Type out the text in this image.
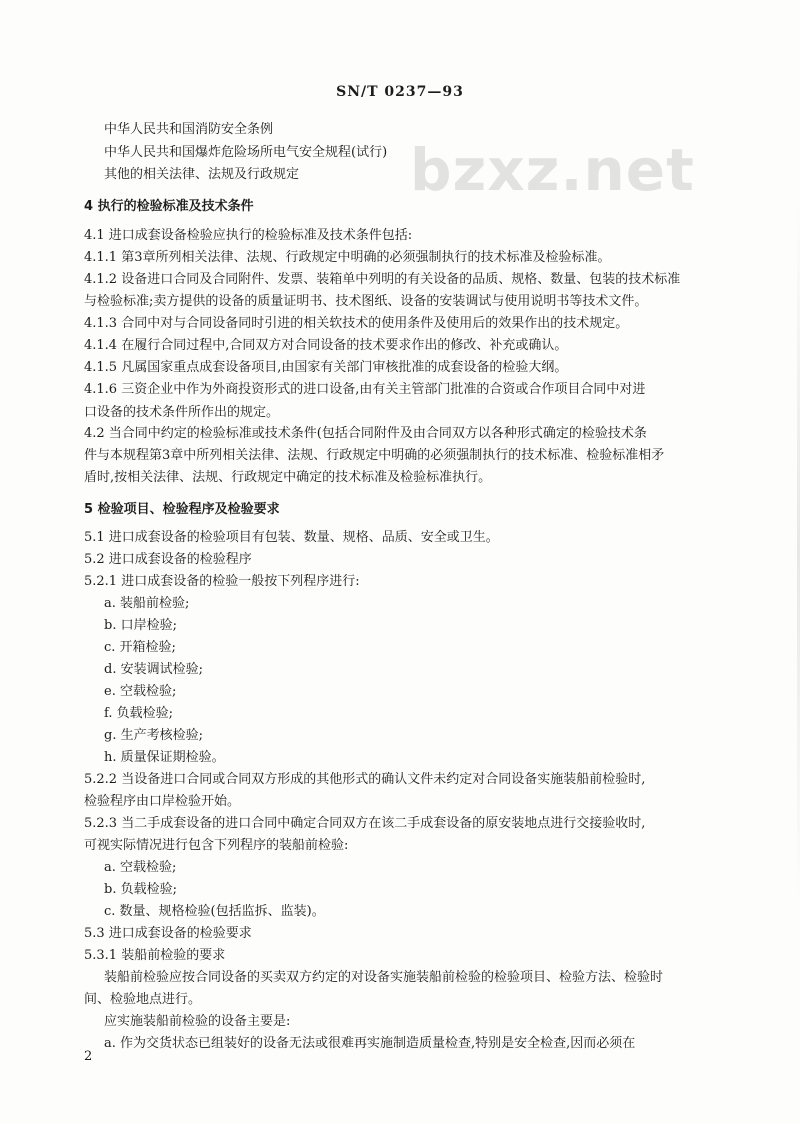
SN/T 0237—93
bzxz.net
中华人民共和国消防安全条例
中华人民共和国爆炸危险场所电气安全规程(试行)
其他的相关法律、法规及行政规定
4 执行的检验标准及技术条件
4.1 进口成套设备检验应执行的检验标准及技术条件包括:
4.1.1 第3章所列相关法律、法规、行政规定中明确的必须强制执行的技术标准及检验标准。
4.1.2 设备进口合同及合同附件、发票、装箱单中列明的有关设备的品质、规格、数量、包装的技术标准
与检验标准;卖方提供的设备的质量证明书、技术图纸、设备的安装调试与使用说明书等技术文件。
4.1.3 合同中对与合同设备同时引进的相关软技术的使用条件及使用后的效果作出的技术规定。
4.1.4 在履行合同过程中,合同双方对合同设备的技术要求作出的修改、补充或确认。
4.1.5 凡属国家重点成套设备项目,由国家有关部门审核批准的成套设备的检验大纲。
4.1.6 三资企业中作为外商投资形式的进口设备,由有关主管部门批准的合资或合作项目合同中对进
口设备的技术条件所作出的规定。
4.2 当合同中约定的检验标准或技术条件(包括合同附件及由合同双方以各种形式确定的检验技术条
件与本规程第3章中所列相关法律、法规、行政规定中明确的必须强制执行的技术标准、检验标准相矛
盾时,按相关法律、法规、行政规定中确定的技术标准及检验标准执行。
5 检验项目、检验程序及检验要求
5.1 进口成套设备的检验项目有包装、数量、规格、品质、安全或卫生。
5.2 进口成套设备的检验程序
5.2.1 进口成套设备的检验一般按下列程序进行:
a. 装船前检验;
b. 口岸检验;
c. 开箱检验;
d. 安装调试检验;
e. 空载检验;
f. 负载检验;
g. 生产考核检验;
h. 质量保证期检验。
5.2.2 当设备进口合同或合同双方形成的其他形式的确认文件未约定对合同设备实施装船前检验时,
检验程序由口岸检验开始。
5.2.3 当二手成套设备的进口合同中确定合同双方在该二手成套设备的原安装地点进行交接验收时,
可视实际情况进行包含下列程序的装船前检验:
a. 空载检验;
b. 负载检验;
c. 数量、规格检验(包括监拆、监装)。
5.3 进口成套设备的检验要求
5.3.1 装船前检验的要求
装船前检验应按合同设备的买卖双方约定的对设备实施装船前检验的检验项目、检验方法、检验时
间、检验地点进行。
应实施装船前检验的设备主要是:
a. 作为交货状态已组装好的设备无法或很难再实施制造质量检查,特别是安全检查,因而必须在
2
